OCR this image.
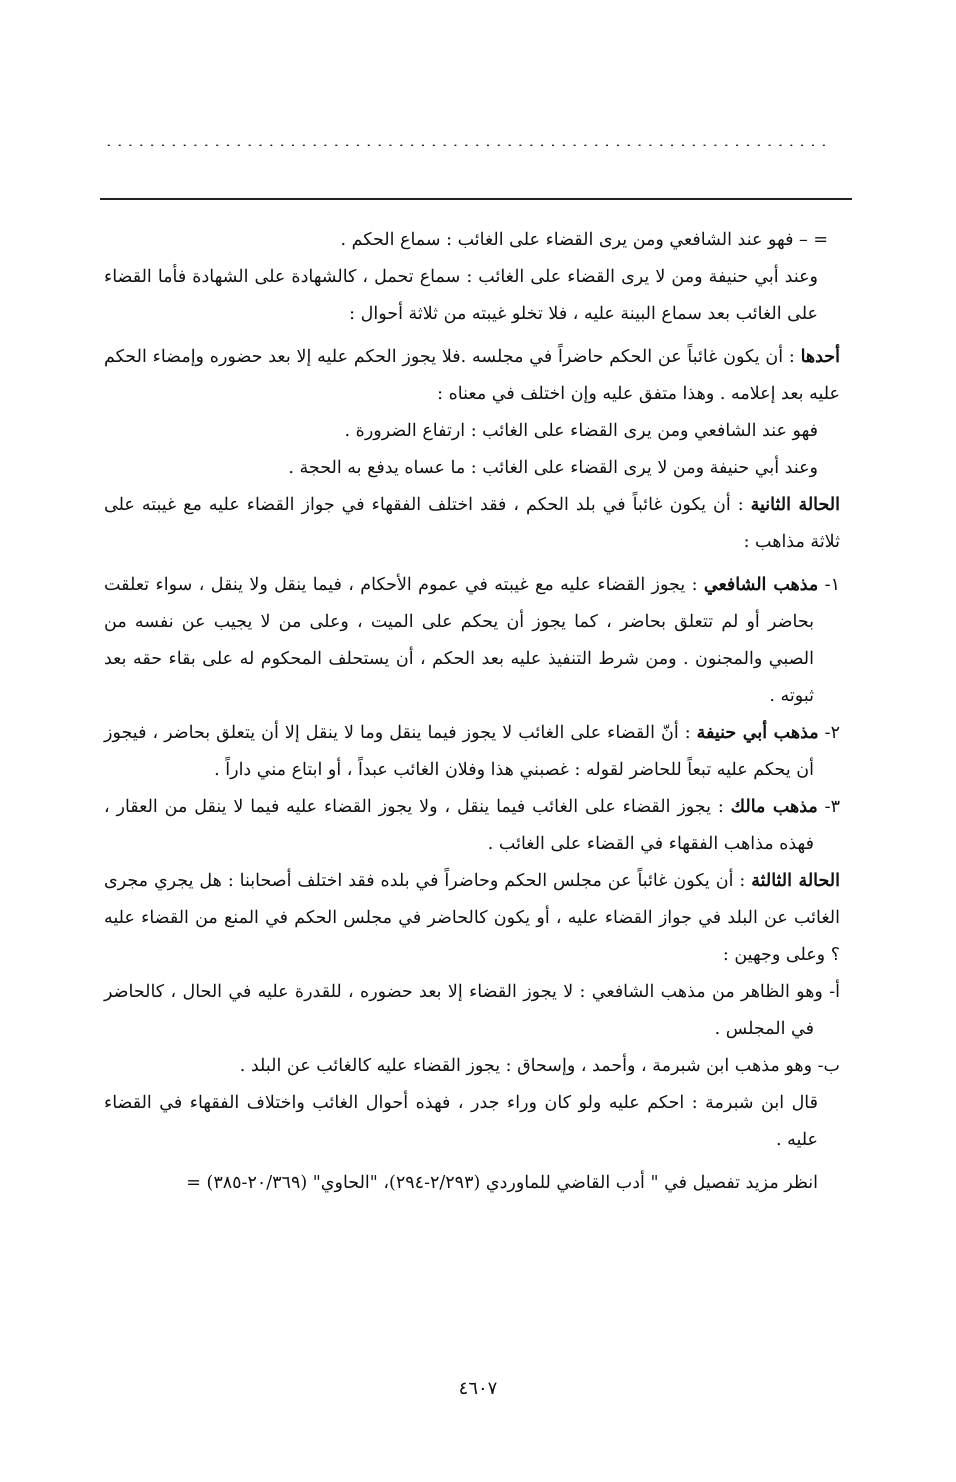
...................................................................

= – فهو عند الشافعي ومن يرى القضاء على الغائب : سماع الحكم .

وعند أبي حنيفة ومن لا يرى القضاء على الغائب : سماع تحمل ، كالشهادة على الشهادة فأما القضاء على الغائب بعد سماع البينة عليه ، فلا تخلو غيبته من ثلاثة أحوال :

أحدها : أن يكون غائباً عن الحكم حاضراً في مجلسه .فلا يجوز الحكم عليه إلا بعد حضوره وإمضاء الحكم عليه بعد إعلامه . وهذا متفق عليه وإن اختلف في معناه :

فهو عند الشافعي ومن يرى القضاء على الغائب : ارتفاع الضرورة .

وعند أبي حنيفة ومن لا يرى القضاء على الغائب : ما عساه يدفع به الحجة .

الحالة الثانية : أن يكون غائباً في بلد الحكم ، فقد اختلف الفقهاء في جواز القضاء عليه مع غيبته على ثلاثة مذاهب :

١- مذهب الشافعي : يجوز القضاء عليه مع غيبته في عموم الأحكام ، فيما ينقل ولا ينقل ، سواء تعلقت بحاضر أو لم تتعلق بحاضر ، كما يجوز أن يحكم على الميت ، وعلى من لا يجيب عن نفسه من الصبي والمجنون . ومن شرط التنفيذ عليه بعد الحكم ، أن يستحلف المحكوم له على بقاء حقه بعد ثبوته .

٢- مذهب أبي حنيفة : أنّ القضاء على الغائب لا يجوز فيما ينقل وما لا ينقل إلا أن يتعلق بحاضر ، فيجوز أن يحكم عليه تبعاً للحاضر لقوله : غصبني هذا وفلان الغائب عبداً ، أو ابتاع مني داراً .

٣- مذهب مالك : يجوز القضاء على الغائب فيما ينقل ، ولا يجوز القضاء عليه فيما لا ينقل من العقار ، فهذه مذاهب الفقهاء في القضاء على الغائب .

الحالة الثالثة : أن يكون غائباً عن مجلس الحكم وحاضراً في بلده فقد اختلف أصحابنا : هل يجري مجرى الغائب عن البلد في جواز القضاء عليه ، أو يكون كالحاضر في مجلس الحكم في المنع من القضاء عليه ؟ وعلى وجهين :

أ- وهو الظاهر من مذهب الشافعي : لا يجوز القضاء إلا بعد حضوره ، للقدرة عليه في الحال ، كالحاضر في المجلس .

ب- وهو مذهب ابن شبرمة ، وأحمد ، وإسحاق : يجوز القضاء عليه كالغائب عن البلد .

قال ابن شبرمة : احكم عليه ولو كان وراء جدر ، فهذه أحوال الغائب واختلاف الفقهاء في القضاء عليه .

انظر مزيد تفصيل في " أدب القاضي للماوردي (٢/٢٩٣-٢٩٤)، "الحاوي" (٢٠/٣٦٩-٣٨٥) =

٤٦٠٧
